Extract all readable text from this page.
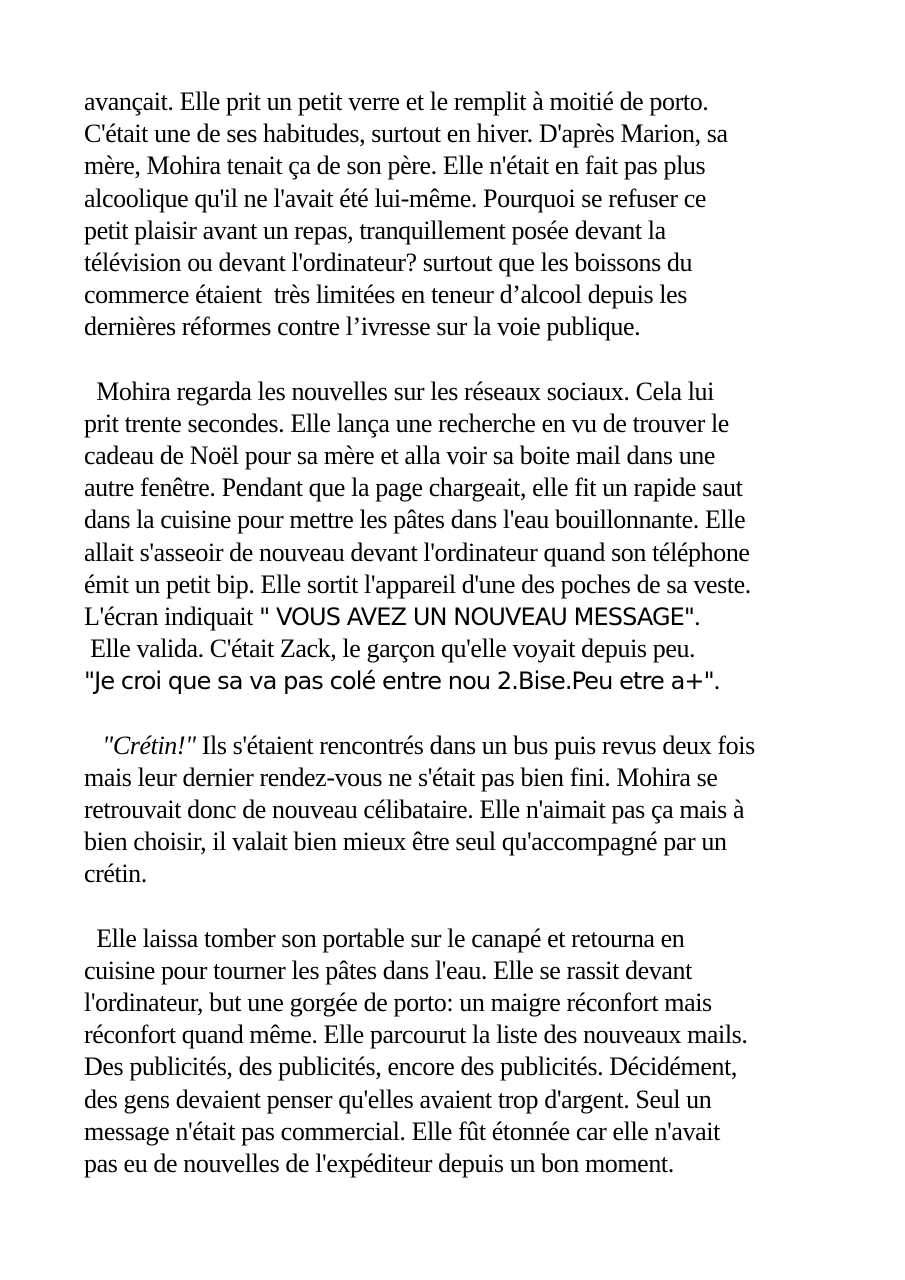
avançait. Elle prit un petit verre et le remplit à moitié de porto.
C'était une de ses habitudes, surtout en hiver. D'après Marion, sa
mère, Mohira tenait ça de son père. Elle n'était en fait pas plus
alcoolique qu'il ne l'avait été lui-même. Pourquoi se refuser ce
petit plaisir avant un repas, tranquillement posée devant la
télévision ou devant l'ordinateur? surtout que les boissons du
commerce étaient  très limitées en teneur d’alcool depuis les
dernières réformes contre l’ivresse sur la voie publique.
Mohira regarda les nouvelles sur les réseaux sociaux. Cela lui
prit trente secondes. Elle lança une recherche en vu de trouver le
cadeau de Noël pour sa mère et alla voir sa boite mail dans une
autre fenêtre. Pendant que la page chargeait, elle fit un rapide saut
dans la cuisine pour mettre les pâtes dans l'eau bouillonnante. Elle
allait s'asseoir de nouveau devant l'ordinateur quand son téléphone
émit un petit bip. Elle sortit l'appareil d'une des poches de sa veste.
L'écran indiquait " VOUS AVEZ UN NOUVEAU MESSAGE".
Elle valida. C'était Zack, le garçon qu'elle voyait depuis peu.
"Je croi que sa va pas colé entre nou 2.Bise.Peu etre a+".
"Crétin!" Ils s'étaient rencontrés dans un bus puis revus deux fois
mais leur dernier rendez-vous ne s'était pas bien fini. Mohira se
retrouvait donc de nouveau célibataire. Elle n'aimait pas ça mais à
bien choisir, il valait bien mieux être seul qu'accompagné par un
crétin.
Elle laissa tomber son portable sur le canapé et retourna en
cuisine pour tourner les pâtes dans l'eau. Elle se rassit devant
l'ordinateur, but une gorgée de porto: un maigre réconfort mais
réconfort quand même. Elle parcourut la liste des nouveaux mails.
Des publicités, des publicités, encore des publicités. Décidément,
des gens devaient penser qu'elles avaient trop d'argent. Seul un
message n'était pas commercial. Elle fût étonnée car elle n'avait
pas eu de nouvelles de l'expéditeur depuis un bon moment.
